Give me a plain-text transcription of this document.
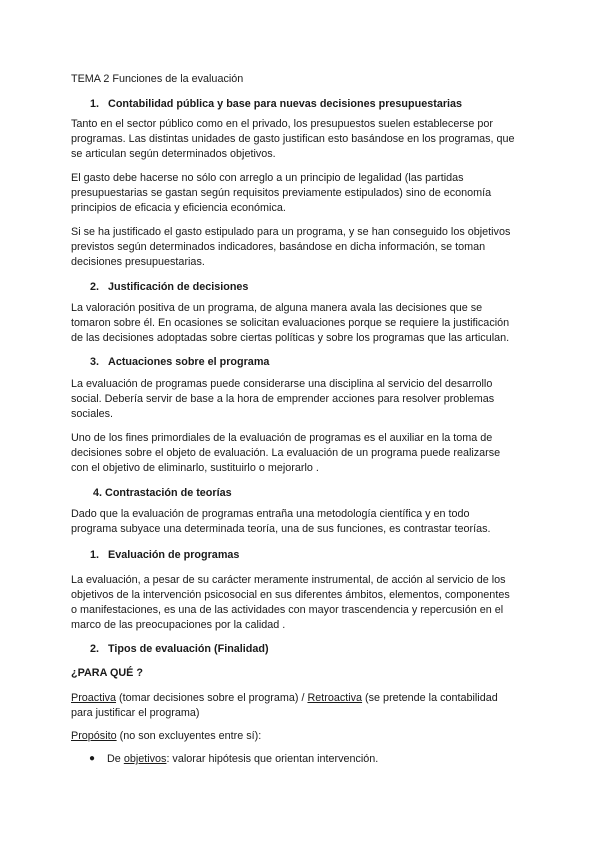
TEMA 2 Funciones de la evaluación
1. Contabilidad pública y base para nuevas decisiones presupuestarias
Tanto en el sector público como en el privado, los presupuestos suelen establecerse por
programas. Las distintas unidades de gasto justifican esto basándose en los programas, que
se articulan según determinados objetivos.
El gasto debe hacerse no sólo con arreglo a un principio de legalidad (las partidas
presupuestarias se gastan según requisitos previamente estipulados) sino de economía
principios de eficacia y eficiencia económica.
Si se ha justificado el gasto estipulado para un programa, y se han conseguido los objetivos
previstos según determinados indicadores, basándose en dicha información, se toman
decisiones presupuestarias.
2. Justificación de decisiones
La valoración positiva de un programa, de alguna manera avala las decisiones que se
tomaron sobre él. En ocasiones se solicitan evaluaciones porque se requiere la justificación
de las decisiones adoptadas sobre ciertas políticas y sobre los programas que las articulan.
3. Actuaciones sobre el programa
La evaluación de programas puede considerarse una disciplina al servicio del desarrollo
social. Debería servir de base a la hora de emprender acciones para resolver problemas
sociales.
Uno de los fines primordiales de la evaluación de programas es el auxiliar en la toma de
decisiones sobre el objeto de evaluación. La evaluación de un programa puede realizarse
con el objetivo de eliminarlo, sustituirlo o mejorarlo .
4. Contrastación de teorías
Dado que la evaluación de programas entraña una metodología científica y en todo
programa subyace una determinada teoría, una de sus funciones, es contrastar teorías.
1. Evaluación de programas
La evaluación, a pesar de su carácter meramente instrumental, de acción al servicio de los
objetivos de la intervención psicosocial en sus diferentes ámbitos, elementos, componentes
o manifestaciones, es una de las actividades con mayor trascendencia y repercusión en el
marco de las preocupaciones por la calidad .
2. Tipos de evaluación (Finalidad)
¿PARA QUÉ ?
Proactiva (tomar decisiones sobre el programa) / Retroactiva (se pretende la contabilidad
para justificar el programa)
Propósito (no son excluyentes entre sí):
● De objetivos: valorar hipótesis que orientan intervención.
